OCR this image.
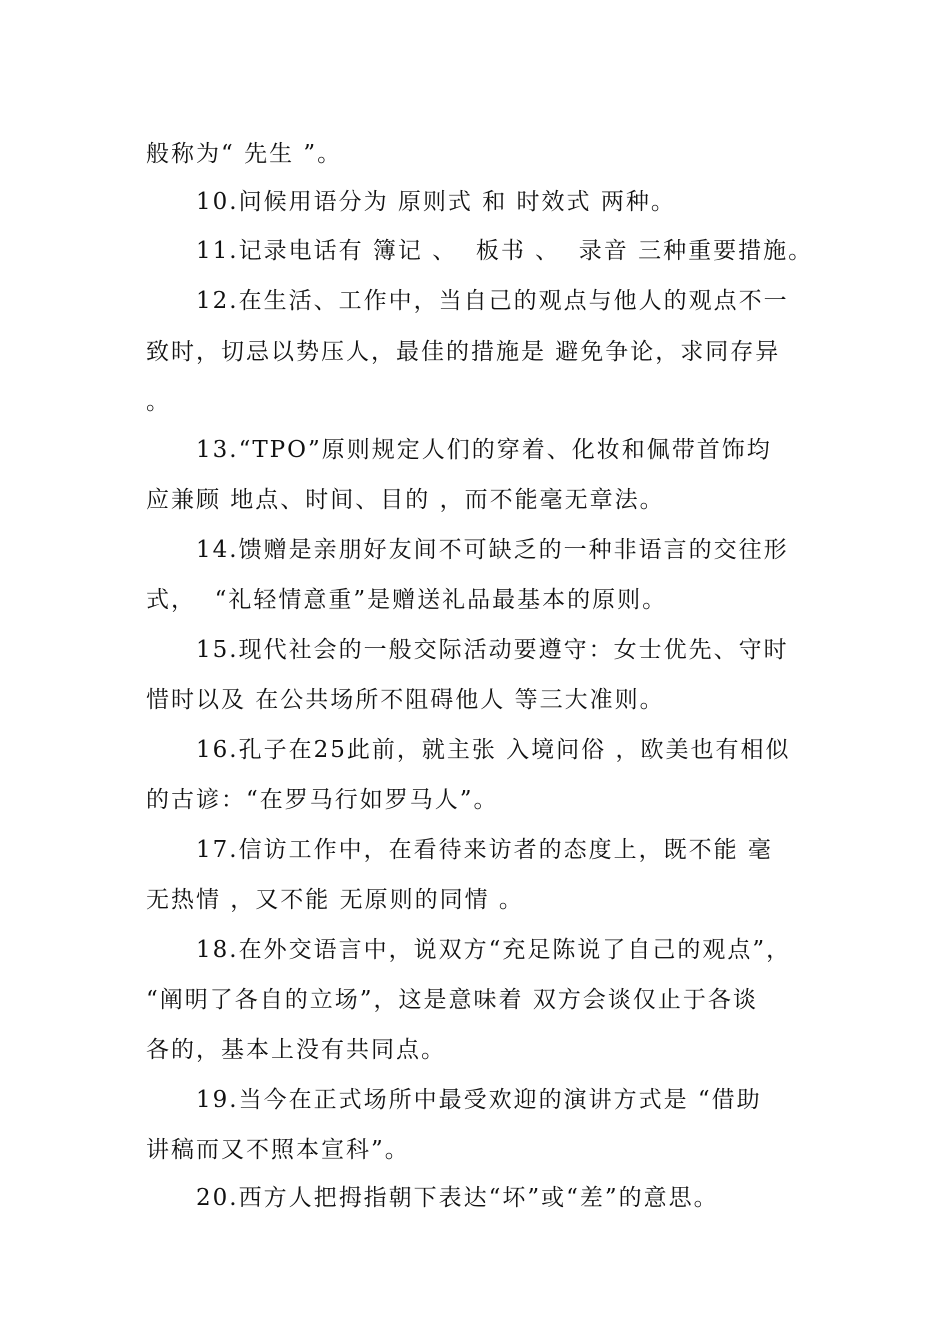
般称为“ 先生 ”。
10.问候用语分为 原则式 和 时效式 两种。
11.记录电话有 簿记 、  板书 、  录音 三种重要措施。
12.在生活、工作中，当自己的观点与他人的观点不一
致时，切忌以势压人，最佳的措施是 避免争论，求同存异
。
13.“TPO”原则规定人们的穿着、化妆和佩带首饰均
应兼顾 地点、时间、目的 ，而不能毫无章法。
14.馈赠是亲朋好友间不可缺乏的一种非语言的交往形
式，  “礼轻情意重”是赠送礼品最基本的原则。
15.现代社会的一般交际活动要遵守：女士优先、守时
惜时以及 在公共场所不阻碍他人 等三大准则。
16.孔子在25此前，就主张 入境问俗 ，欧美也有相似
的古谚：“在罗马行如罗马人”。
17.信访工作中，在看待来访者的态度上，既不能 毫
无热情 ，又不能 无原则的同情 。
18.在外交语言中，说双方“充足陈说了自己的观点”，
“阐明了各自的立场”，这是意味着 双方会谈仅止于各谈
各的，基本上没有共同点。
19.当今在正式场所中最受欢迎的演讲方式是 “借助
讲稿而又不照本宣科”。
20.西方人把拇指朝下表达“坏”或“差”的意思。
